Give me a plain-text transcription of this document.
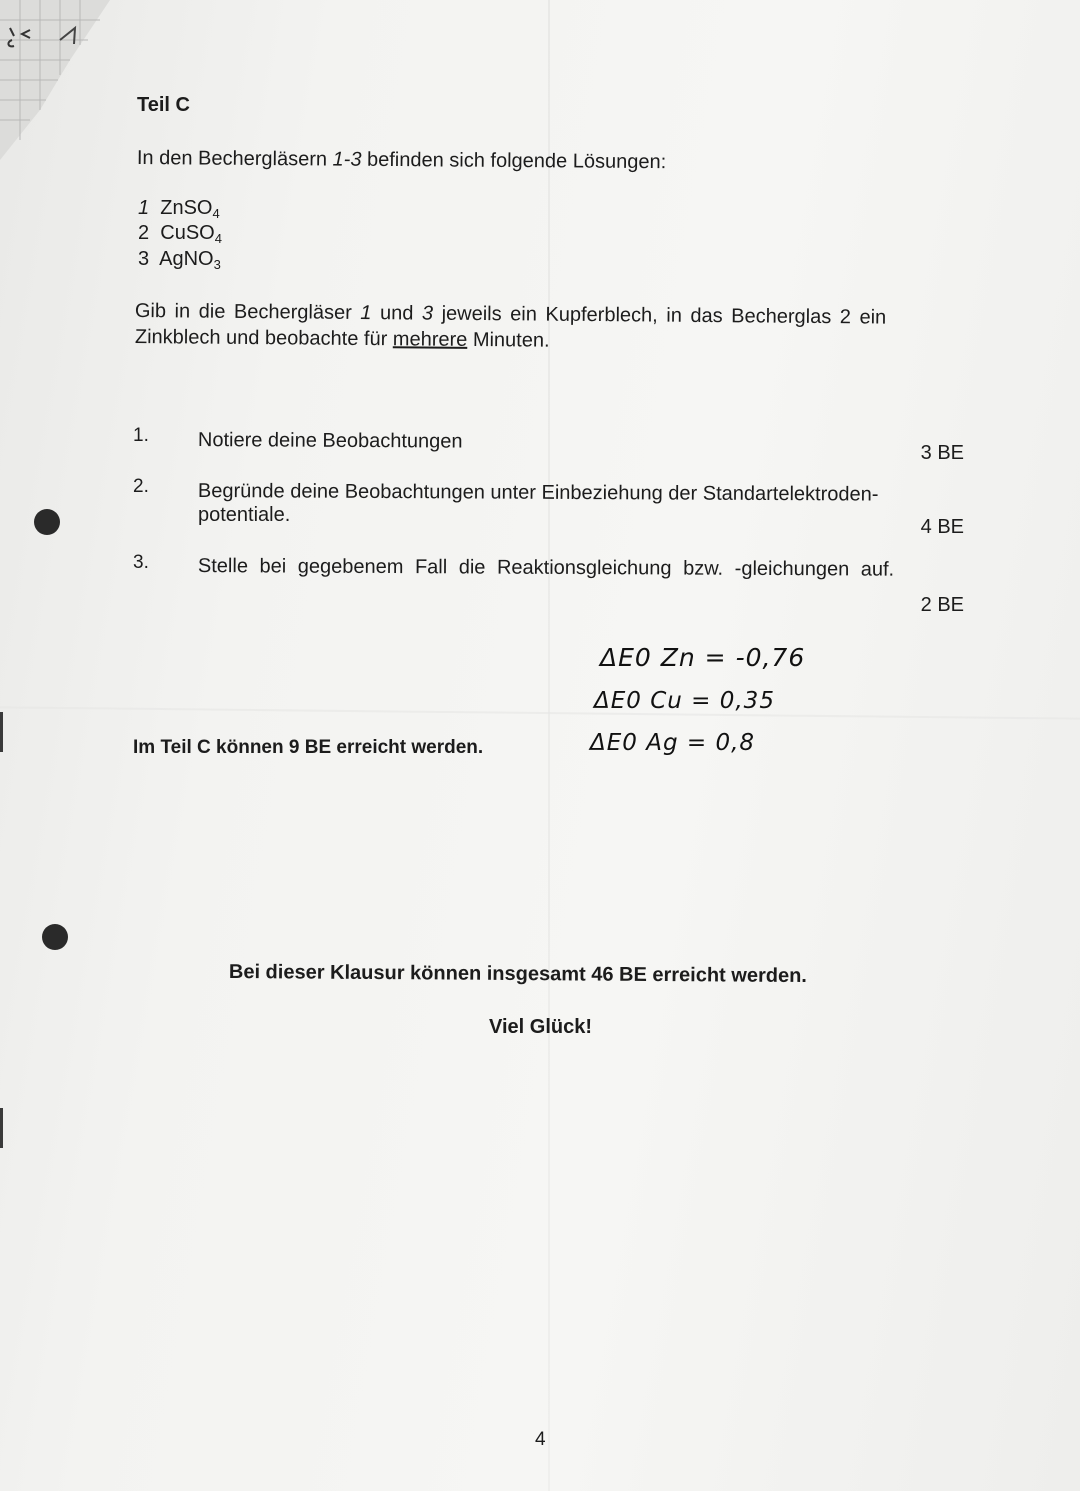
Teil C
In den Bechergläsern 1-3 befinden sich folgende Lösungen:
1 ZnSO$_4$
2 CuSO$_4$
3 AgNO$_3$
Gib in die Bechergläser 1 und 3 jeweils ein Kupferblech, in das Becherglas 2 ein
Zinkblech und beobachte für mehrere Minuten.
1. Notiere deine Beobachtungen
3 BE
2. Begründe deine Beobachtungen unter Einbeziehung der Standartelektroden-
potentiale.
4 BE
3. Stelle bei gegebenem Fall die Reaktionsgleichung bzw. -gleichungen auf.
2 BE
ΔE0 Zn = -0,76
ΔE0 Cu = 0,35
ΔE0 Ag = 0,8
Im Teil C können 9 BE erreicht werden.
Bei dieser Klausur können insgesamt 46 BE erreicht werden.
Viel Glück!
4
